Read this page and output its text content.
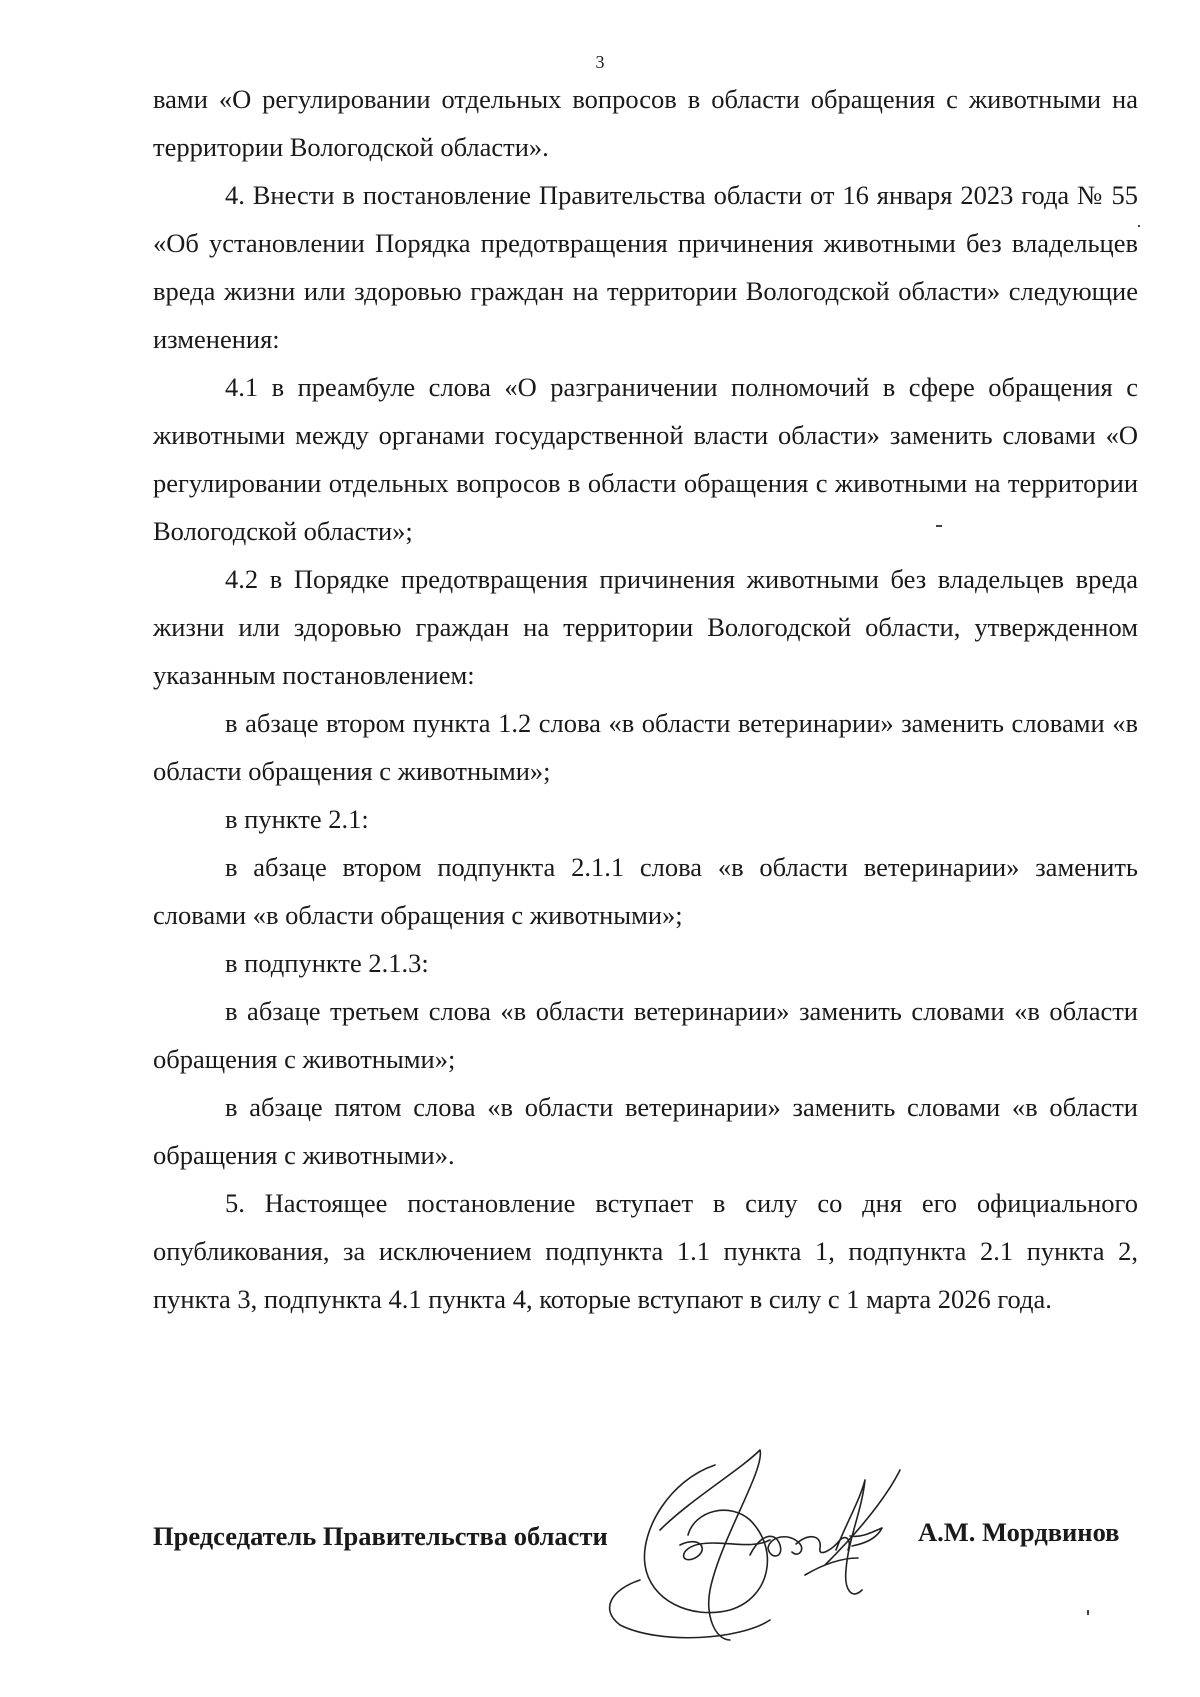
3

вами «О регулировании отдельных вопросов в области обращения с животными на территории Вологодской области».

4. Внести в постановление Правительства области от 16 января 2023 года № 55 «Об установлении Порядка предотвращения причинения животными без владельцев вреда жизни или здоровью граждан на территории Вологодской области» следующие изменения:

4.1 в преамбуле слова «О разграничении полномочий в сфере обращения с животными между органами государственной власти области» заменить словами «О регулировании отдельных вопросов в области обращения с животными на территории Вологодской области»;

4.2 в Порядке предотвращения причинения животными без владельцев вреда жизни или здоровью граждан на территории Вологодской области, утвержденном указанным постановлением:

в абзаце втором пункта 1.2 слова «в области ветеринарии» заменить словами «в области обращения с животными»;

в пункте 2.1:

в абзаце втором подпункта 2.1.1 слова «в области ветеринарии» заменить словами «в области обращения с животными»;

в подпункте 2.1.3:

в абзаце третьем слова «в области ветеринарии» заменить словами «в области обращения с животными»;

в абзаце пятом слова «в области ветеринарии» заменить словами «в области обращения с животными».

5. Настоящее постановление вступает в силу со дня его официального опубликования, за исключением подпункта 1.1 пункта 1, подпункта 2.1 пункта 2, пункта 3, подпункта 4.1 пункта 4, которые вступают в силу с 1 марта 2026 года.

Председатель Правительства области	А.М. Мордвинов
